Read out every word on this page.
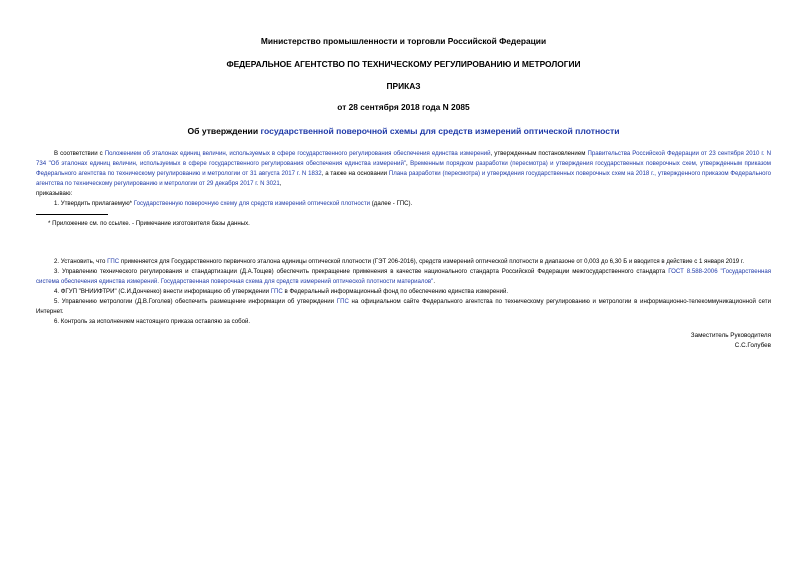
Министерство промышленности и торговли Российской Федерации
ФЕДЕРАЛЬНОЕ АГЕНТСТВО ПО ТЕХНИЧЕСКОМУ РЕГУЛИРОВАНИЮ И МЕТРОЛОГИИ
ПРИКАЗ
от 28 сентября 2018 года N 2085
Об утверждении государственной поверочной схемы для средств измерений оптической плотности

В соответствии с Положением об эталонах единиц величин, используемых в сфере государственного регулирования обеспечения единства измерений, утвержденным постановлением Правительства Российской Федерации от 23 сентября 2010 г. N 734 "Об эталонах единиц величин, используемых в сфере государственного регулирования обеспечения единства измерений", Временным порядком разработки (пересмотра) и утверждения государственных поверочных схем, утвержденным приказом Федерального агентства по техническому регулированию и метрологии от 31 августа 2017 г. N 1832, а также на основании Плана разработки (пересмотра) и утверждения государственных поверочных схем на 2018 г., утвержденного приказом Федерального агентства по техническому регулированию и метрологии от 29 декабря 2017 г. N 3021,

приказываю:

1. Утвердить прилагаемую* Государственную поверочную схему для средств измерений оптической плотности (далее - ГПС).

* Приложение см. по ссылке. - Примечание изготовителя базы данных.

2. Установить, что ГПС применяется для Государственного первичного эталона единицы оптической плотности (ГЭТ 206-2016), средств измерений оптической плотности в диапазоне от 0,003 до 6,30 Б и вводится в действие с 1 января 2019 г.

3. Управлению технического регулирования и стандартизации (Д.А.Тощев) обеспечить прекращение применения в качестве национального стандарта Российской Федерации межгосударственного стандарта ГОСТ 8.588-2006 "Государственная система обеспечения единства измерений. Государственная поверочная схема для средств измерений оптической плотности материалов".

4. ФГУП "ВНИИФТРИ" (С.И.Донченко) внести информацию об утверждении ГПС в Федеральный информационный фонд по обеспечению единства измерений.

5. Управлению метрологии (Д.В.Гоголев) обеспечить размещение информации об утверждении ГПС на официальном сайте Федерального агентства по техническому регулированию и метрологии в информационно-телекоммуникационной сети Интернет.

6. Контроль за исполнением настоящего приказа оставляю за собой.

Заместитель Руководителя
С.С.Голубев
